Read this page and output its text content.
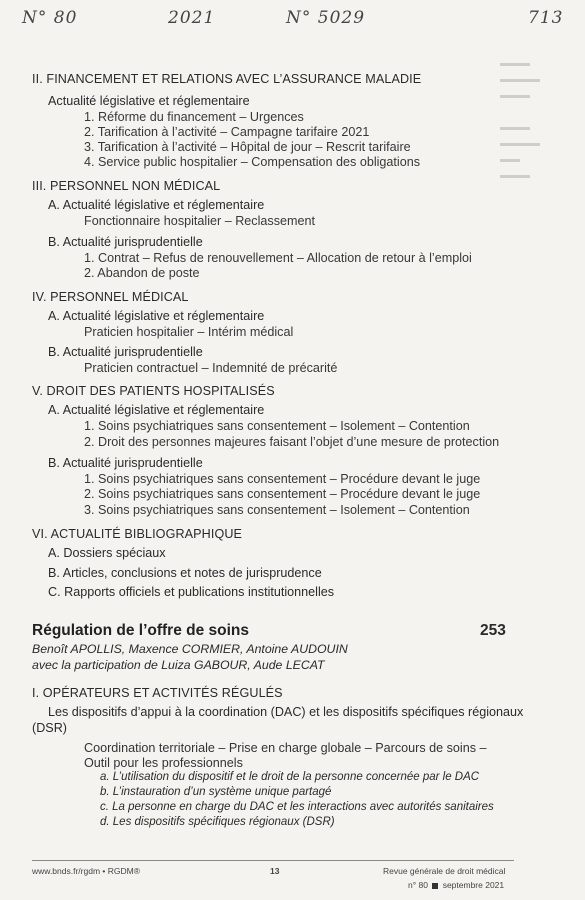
N° 80	2021	N° 5029	713
▬▬▬
▬▬▬▬
▬▬▬

▬▬▬
▬▬▬▬
▬▬
▬▬▬
II. FINANCEMENT ET RELATIONS AVEC L’ASSURANCE MALADIE
Actualité législative et réglementaire
1. Réforme du financement – Urgences
2. Tarification à l’activité – Campagne tarifaire 2021
3. Tarification à l’activité – Hôpital de jour – Rescrit tarifaire
4. Service public hospitalier – Compensation des obligations
III. PERSONNEL NON MÉDICAL
A. Actualité législative et réglementaire
Fonctionnaire hospitalier – Reclassement
B. Actualité jurisprudentielle
1. Contrat – Refus de renouvellement – Allocation de retour à l’emploi
2. Abandon de poste
IV. PERSONNEL MÉDICAL
A. Actualité législative et réglementaire
Praticien hospitalier – Intérim médical
B. Actualité jurisprudentielle
Praticien contractuel – Indemnité de précarité
V. DROIT DES PATIENTS HOSPITALISÉS
A. Actualité législative et réglementaire
1. Soins psychiatriques sans consentement – Isolement – Contention
2. Droit des personnes majeures faisant l’objet d’une mesure de protection
B. Actualité jurisprudentielle
1. Soins psychiatriques sans consentement – Procédure devant le juge
2. Soins psychiatriques sans consentement – Procédure devant le juge
3. Soins psychiatriques sans consentement – Isolement – Contention
VI. ACTUALITÉ BIBLIOGRAPHIQUE
A. Dossiers spéciaux
B. Articles, conclusions et notes de jurisprudence
C. Rapports officiels et publications institutionnelles
Régulation de l’offre de soins	253
Benoît APOLLIS, Maxence CORMIER, Antoine AUDOUIN
avec la participation de Luiza GABOUR, Aude LECAT
I. OPÉRATEURS ET ACTIVITÉS RÉGULÉS
Les dispositifs d’appui à la coordination (DAC) et les dispositifs spécifiques régionaux
(DSR)
Coordination territoriale – Prise en charge globale – Parcours de soins –
Outil pour les professionnels
a. L’utilisation du dispositif et le droit de la personne concernée par le DAC
b. L’instauration d’un système unique partagé
c. La personne en charge du DAC et les interactions avec autorités sanitaires
d. Les dispositifs spécifiques régionaux (DSR)
www.bnds.fr/rgdm • RGDM®	13	Revue générale de droit médical
n° 80 septembre 2021
